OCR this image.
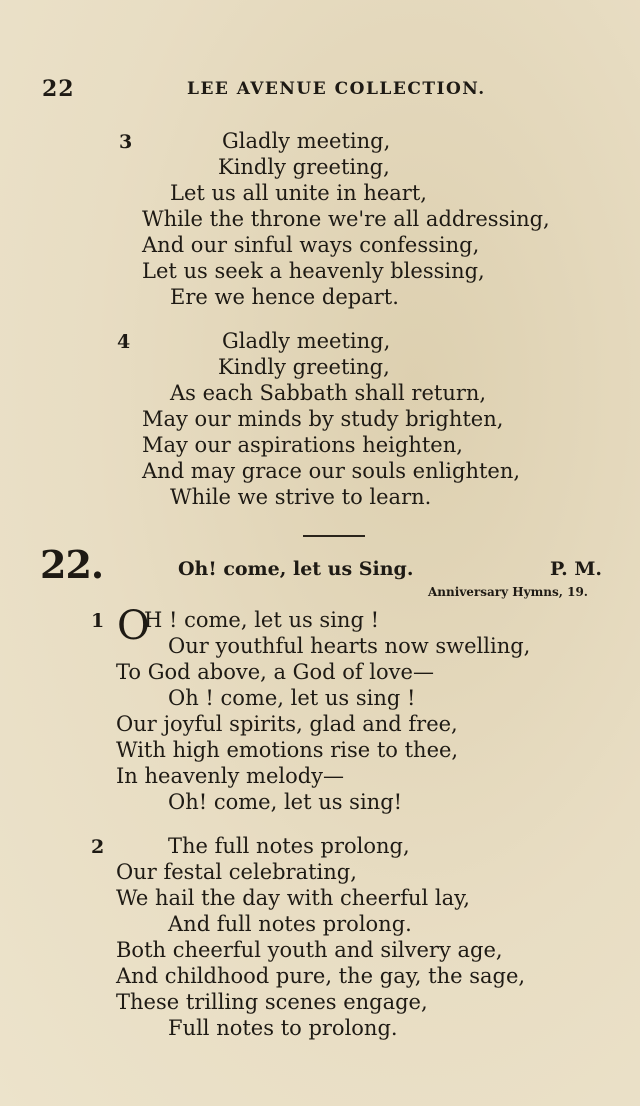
22	LEE AVENUE COLLECTION.
3	Gladly meeting,
Kindly greeting,
Let us all unite in heart,
While the throne we're all addressing,
And our sinful ways confessing,
Let us seek a heavenly blessing,
Ere we hence depart.
4	Gladly meeting,
Kindly greeting,
As each Sabbath shall return,
May our minds by study brighten,
May our aspirations heighten,
And may grace our souls enlighten,
While we strive to learn.
22.	Oh! come, let us Sing.	P. M.
Anniversary Hymns, 19.
1 O
H ! come, let us sing !
Our youthful hearts now swelling,
To God above, a God of love—
Oh ! come, let us sing !
Our joyful spirits, glad and free,
With high emotions rise to thee,
In heavenly melody—
Oh! come, let us sing!
2	The full notes prolong,
Our festal celebrating,
We hail the day with cheerful lay,
And full notes prolong.
Both cheerful youth and silvery age,
And childhood pure, the gay, the sage,
These trilling scenes engage,
Full notes to prolong.
